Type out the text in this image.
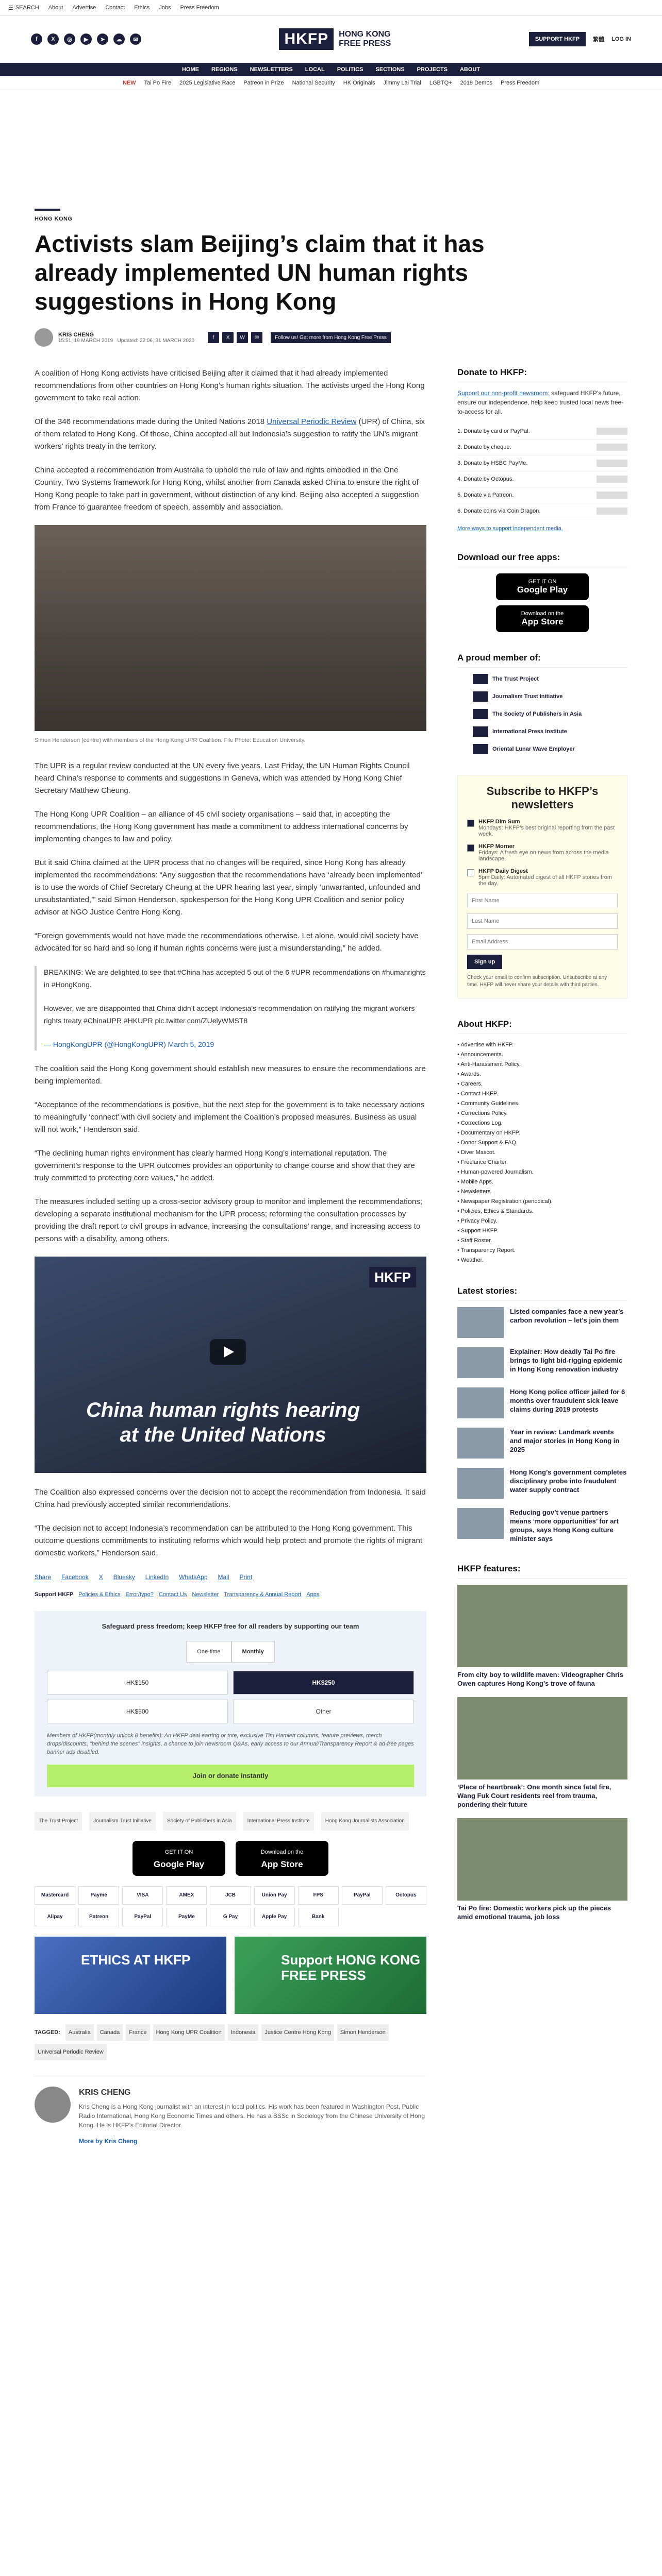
☰ SEARCH About Advertise Contact Ethics Jobs Press Freedom
f	X	◎	▶	➤	☁	✉	HKFP	HONG KONG
FREE PRESS	SUPPORT HKFP	繁體 LOG IN
HOME REGIONS NEWSLETTERS LOCAL POLITICS SECTIONS PROJECTS ABOUT
NEW Tai Po Fire 2025 Legislative Race Patreon in Prize National Security HK Originals Jimmy Lai Trial LGBTQ+ 2019 Demos Press Freedom
HONG KONG
Activists slam Beijing’s claim that it has already implemented UN human rights suggestions in Hong Kong
KRIS CHENG
15:51, 19 MARCH 2019 Updated: 22:06, 31 MARCH 2020
f	X	W	✉	Follow us! Get more from Hong Kong Free Press

A coalition of Hong Kong activists have criticised Beijing after it claimed that it had already implemented recommendations from other countries on Hong Kong’s human rights situation. The activists urged the Hong Kong government to take real action.

Of the 346 recommendations made during the United Nations 2018 Universal Periodic Review (UPR) of China, six of them related to Hong Kong. Of those, China accepted all but Indonesia’s suggestion to ratify the UN’s migrant workers’ rights treaty in the territory.

China accepted a recommendation from Australia to uphold the rule of law and rights embodied in the One Country, Two Systems framework for Hong Kong, whilst another from Canada asked China to ensure the right of Hong Kong people to take part in government, without distinction of any kind. Beijing also accepted a suggestion from France to guarantee freedom of speech, assembly and association.

Simon Henderson (centre) with members of the Hong Kong UPR Coalition. File Photo: Education University.

The UPR is a regular review conducted at the UN every five years. Last Friday, the UN Human Rights Council heard China’s response to comments and suggestions in Geneva, which was attended by Hong Kong Chief Secretary Matthew Cheung.

The Hong Kong UPR Coalition – an alliance of 45 civil society organisations – said that, in accepting the recommendations, the Hong Kong government has made a commitment to address international concerns by implementing changes to law and policy.

But it said China claimed at the UPR process that no changes will be required, since Hong Kong has already implemented the recommendations: “Any suggestion that the recommendations have ‘already been implemented’ is to use the words of Chief Secretary Cheung at the UPR hearing last year, simply ‘unwarranted, unfounded and unsubstantiated,’” said Simon Henderson, spokesperson for the Hong Kong UPR Coalition and senior policy advisor at NGO Justice Centre Hong Kong.

“Foreign governments would not have made the recommendations otherwise. Let alone, would civil society have advocated for so hard and so long if human rights concerns were just a misunderstanding,” he added.

BREAKING: We are delighted to see that #China has accepted 5 out of the 6 #UPR recommendations on #humanrights in #HongKong.

However, we are disappointed that China didn’t accept Indonesia's recommendation on ratifying the migrant workers rights treaty #ChinaUPR #HKUPR pic.twitter.com/ZUelyWMST8

— HongKongUPR (@HongKongUPR) March 5, 2019

The coalition said the Hong Kong government should establish new measures to ensure the recommendations are being implemented.

“Acceptance of the recommendations is positive, but the next step for the government is to take necessary actions to meaningfully ‘connect’ with civil society and implement the Coalition’s proposed measures. Business as usual will not work,” Henderson said.

“The declining human rights environment has clearly harmed Hong Kong’s international reputation. The government’s response to the UPR outcomes provides an opportunity to change course and show that they are truly committed to protecting core values,” he added.

The measures included setting up a cross-sector advisory group to monitor and implement the recommendations; developing a separate institutional mechanism for the UPR process; reforming the consultation processes by providing the draft report to civil groups in advance, increasing the consultations’ range, and increasing access to persons with a disability, among others.

HKFP
China human rights hearing
at the United Nations

The Coalition also expressed concerns over the decision not to accept the recommendation from Indonesia. It said China had previously accepted similar recommendations.

“The decision not to accept Indonesia’s recommendation can be attributed to the Hong Kong government. This outcome questions commitments to instituting reforms which would help protect and promote the rights of migrant domestic workers,” Henderson said.

Share Facebook X Bluesky LinkedIn WhatsApp Mail Print
Support HKFP Policies & Ethics Error/typo? Contact Us Newsletter Transparency & Annual Report Apps
Safeguard press freedom; keep HKFP free for all readers by supporting our team
One-time	Monthly
HK$150	HK$250
HK$500	Other
Members of HKFP(monthly unlock 8 benefits): An HKFP deal earring or tote, exclusive Tim Hamlett columns, feature previews, merch drops/discounts, "behind the scenes" insights, a chance to join newsroom Q&As, early access to our Annual/Transparency Report & ad-free pages banner ads disabled.
Join or donate instantly
The Trust Project	Journalism Trust Initiative	Society of Publishers in Asia	International Press Institute	Hong Kong Journalists Association
GET IT ON
Google Play
Download on the
App Store
Mastercard	Payme	VISA	AMEX	JCB	Union Pay	FPS	PayPal	Octopus
Alipay	Patreon	PayPal	PayMe	G Pay	Apple Pay	Bank
ETHICS AT HKFP	Support HONG KONG FREE PRESS
TAGGED:	Australia	Canada	France	Hong Kong UPR Coalition	Indonesia	Justice Centre Hong Kong	Simon Henderson
Universal Periodic Review
KRIS CHENG
Kris Cheng is a Hong Kong journalist with an interest in local politics. His work has been featured in Washington Post, Public Radio International, Hong Kong Economic Times and others. He has a BSSc in Sociology from the Chinese University of Hong Kong. He is HKFP’s Editorial Director.
More by Kris Cheng
Donate to HKFP:
Support our non-profit newsroom: safeguard HKFP’s future, ensure our independence, help keep trusted local news free-to-access for all.
1. Donate by card or PayPal.
2. Donate by cheque.
3. Donate by HSBC PayMe.
4. Donate by Octopus.
5. Donate via Patreon.
6. Donate coins via Coin Dragon.
More ways to support independent media.
Download our free apps:
GET IT ON
Google Play
Download on the
App Store
A proud member of:
The Trust Project
Journalism Trust Initiative
The Society of Publishers in Asia
International Press Institute
Oriental Lunar Wave Employer
Subscribe to HKFP’s newsletters
HKFP Dim Sum
Mondays: HKFP’s best original reporting from the past week.
HKFP Morner
Fridays: A fresh eye on news from across the media landscape.
HKFP Daily Digest
5pm Daily: Automated digest of all HKFP stories from the day.
First Name Last Name Email Address Sign up
Check your email to confirm subscription. Unsubscribe at any time. HKFP will never share your details with third parties.
About HKFP:
• Advertise with HKFP.
• Announcements.
• Anti-Harassment Policy.
• Awards.
• Careers.
• Contact HKFP.
• Community Guidelines.
• Corrections Policy.
• Corrections Log.
• Documentary on HKFP.
• Donor Support & FAQ.
• Diver Mascot.
• Freelance Charter.
• Human-powered Journalism.
• Mobile Apps.
• Newsletters.
• Newspaper Registration (periodical).
• Policies, Ethics & Standards.
• Privacy Policy.
• Support HKFP.
• Staff Roster.
• Transparency Report.
• Weather.
Latest stories:
Listed companies face a new year’s carbon revolution – let’s join them
Explainer: How deadly Tai Po fire brings to light bid-rigging epidemic in Hong Kong renovation industry
Hong Kong police officer jailed for 6 months over fraudulent sick leave claims during 2019 protests
Year in review: Landmark events and major stories in Hong Kong in 2025
Hong Kong’s government completes disciplinary probe into fraudulent water supply contract
Reducing gov’t venue partners means ‘more opportunities’ for art groups, says Hong Kong culture minister says
HKFP features:
From city boy to wildlife maven: Videographer Chris Owen captures Hong Kong’s trove of fauna
‘Place of heartbreak’: One month since fatal fire, Wang Fuk Court residents reel from trauma, pondering their future
Tai Po fire: Domestic workers pick up the pieces amid emotional trauma, job loss
